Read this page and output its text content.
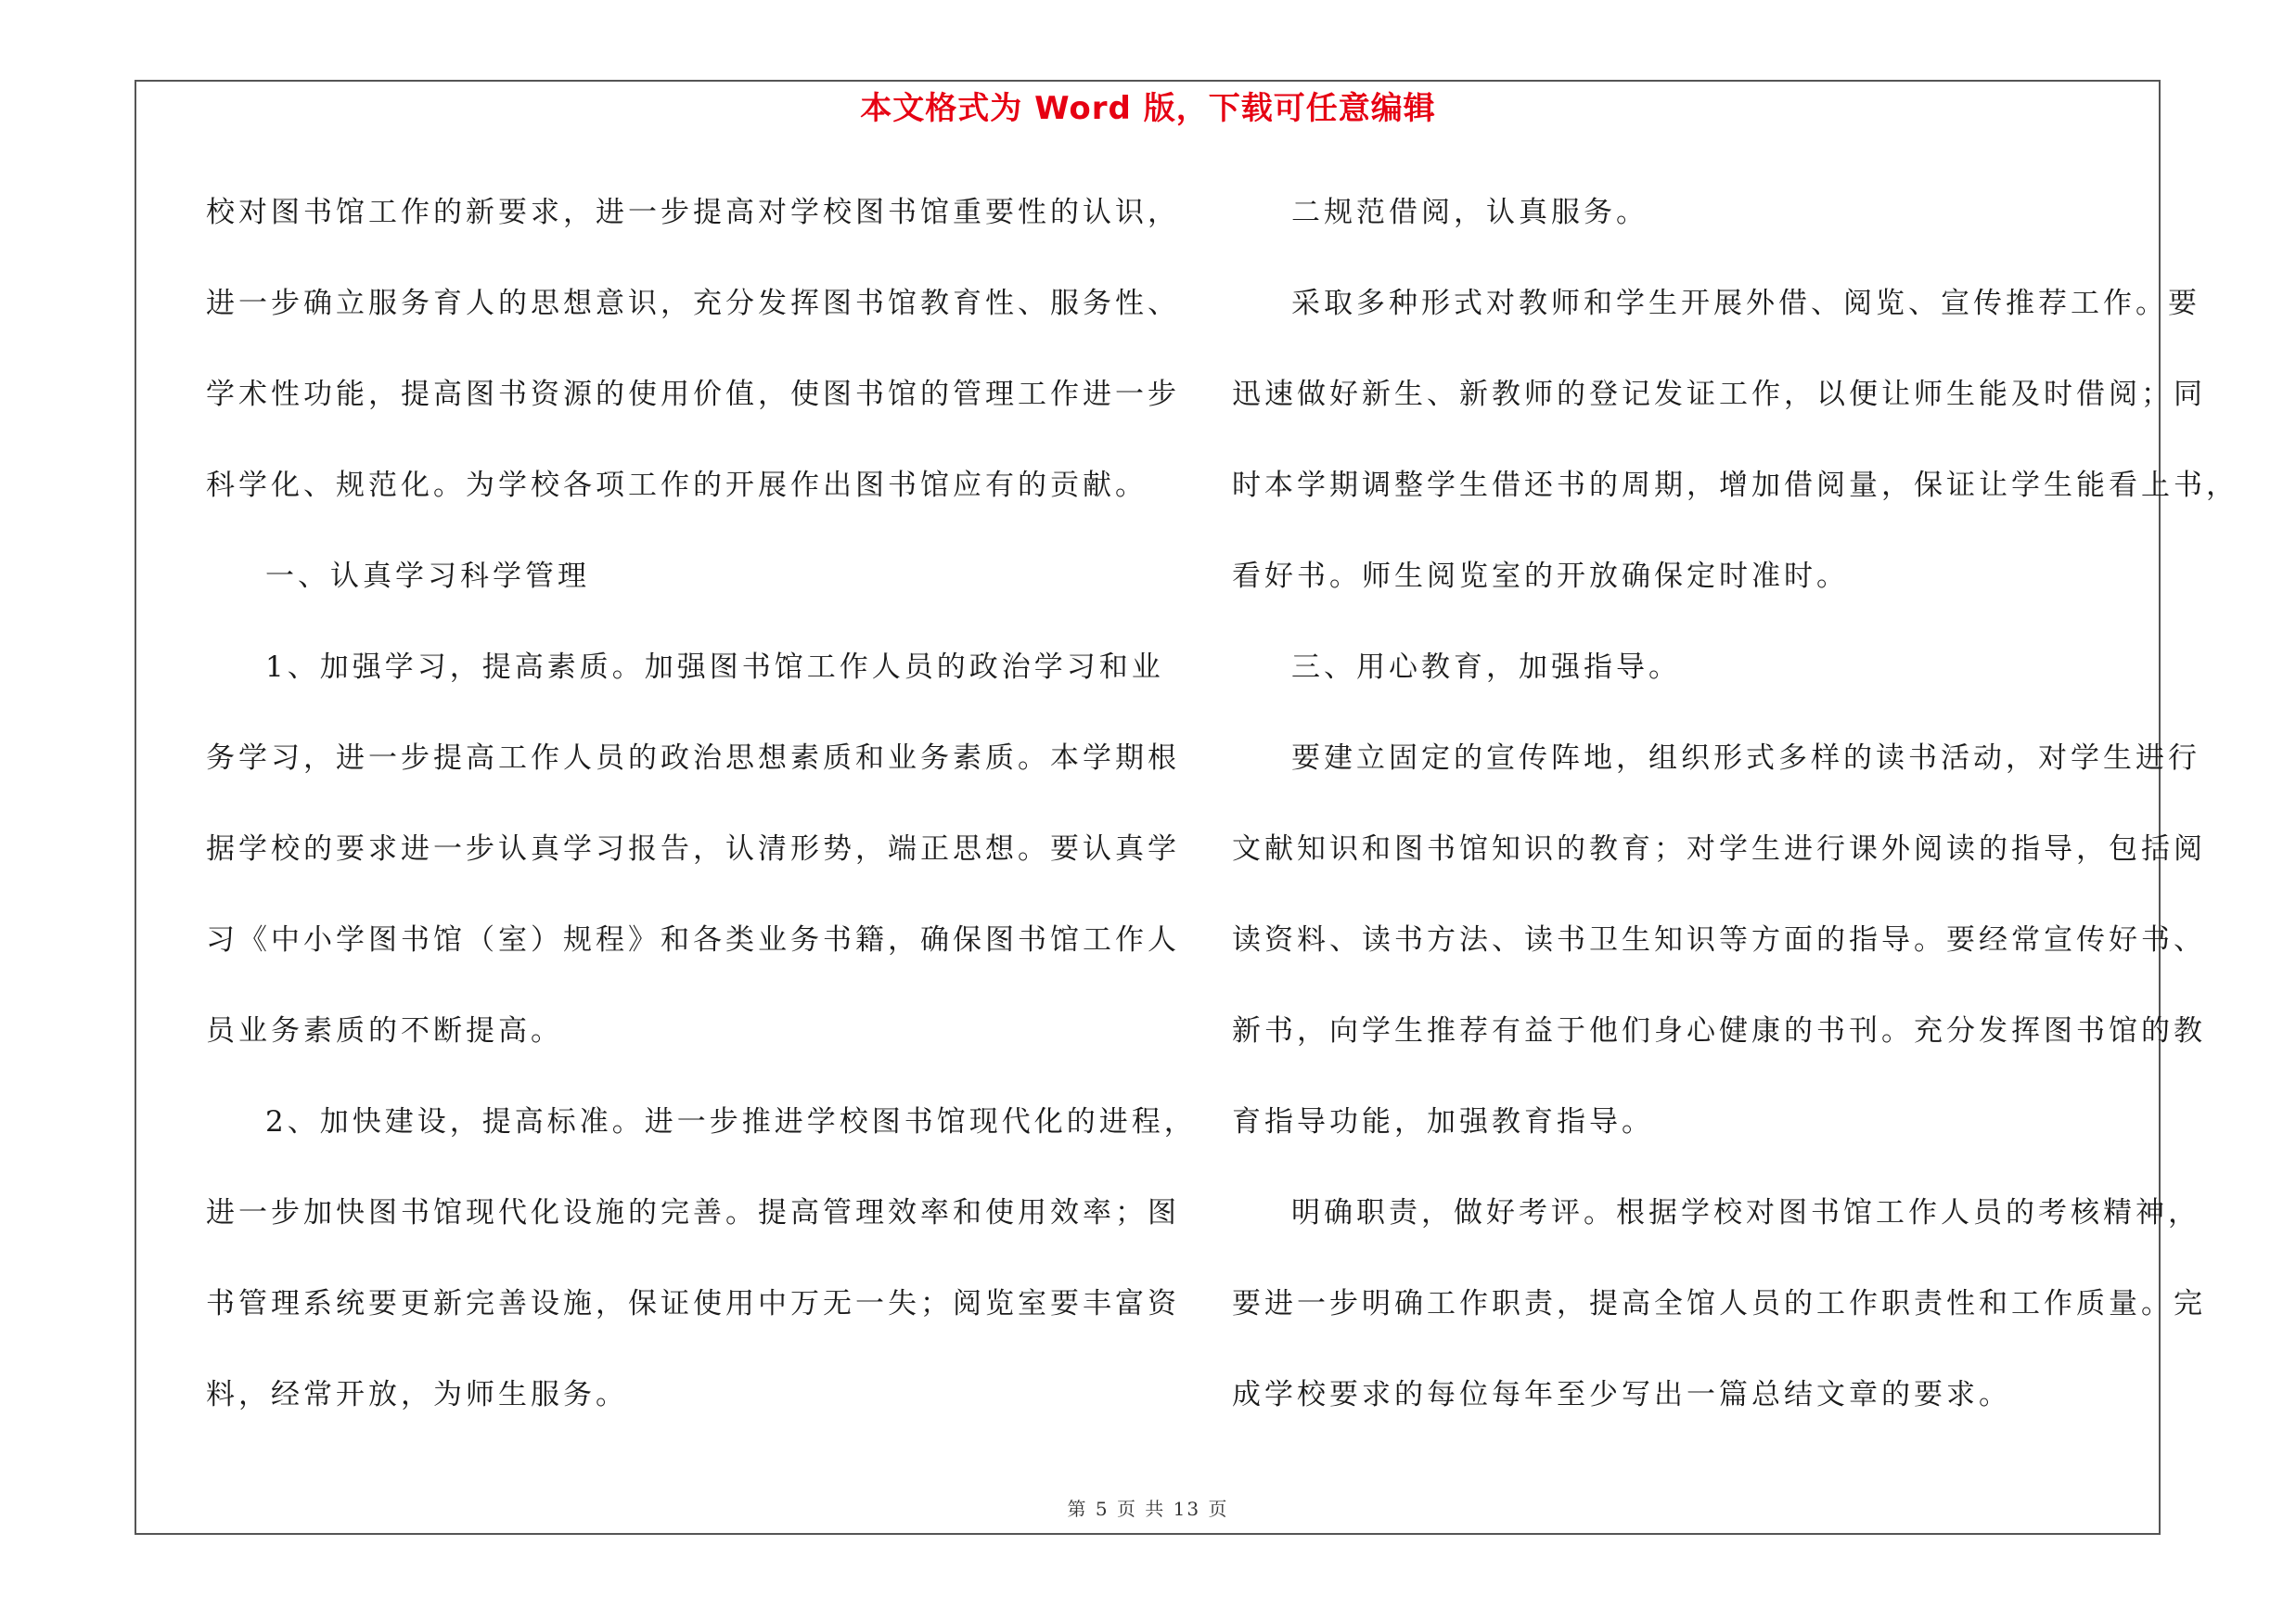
本文格式为 Word 版，下载可任意编辑
校对图书馆工作的新要求，进一步提高对学校图书馆重要性的认识，
进一步确立服务育人的思想意识，充分发挥图书馆教育性、服务性、
学术性功能，提高图书资源的使用价值，使图书馆的管理工作进一步
科学化、规范化。为学校各项工作的开展作出图书馆应有的贡献。
一、认真学习科学管理
1、加强学习，提高素质。加强图书馆工作人员的政治学习和业
务学习，进一步提高工作人员的政治思想素质和业务素质。本学期根
据学校的要求进一步认真学习报告，认清形势，端正思想。要认真学
习《中小学图书馆（室）规程》和各类业务书籍，确保图书馆工作人
员业务素质的不断提高。
2、加快建设，提高标准。进一步推进学校图书馆现代化的进程，
进一步加快图书馆现代化设施的完善。提高管理效率和使用效率；图
书管理系统要更新完善设施，保证使用中万无一失；阅览室要丰富资
料，经常开放，为师生服务。
二规范借阅，认真服务。
采取多种形式对教师和学生开展外借、阅览、宣传推荐工作。要
迅速做好新生、新教师的登记发证工作，以便让师生能及时借阅；同
时本学期调整学生借还书的周期，增加借阅量，保证让学生能看上书，
看好书。师生阅览室的开放确保定时准时。
三、用心教育，加强指导。
要建立固定的宣传阵地，组织形式多样的读书活动，对学生进行
文献知识和图书馆知识的教育；对学生进行课外阅读的指导，包括阅
读资料、读书方法、读书卫生知识等方面的指导。要经常宣传好书、
新书，向学生推荐有益于他们身心健康的书刊。充分发挥图书馆的教
育指导功能，加强教育指导。
明确职责，做好考评。根据学校对图书馆工作人员的考核精神，
要进一步明确工作职责，提高全馆人员的工作职责性和工作质量。完
成学校要求的每位每年至少写出一篇总结文章的要求。
第 5 页 共 13 页
